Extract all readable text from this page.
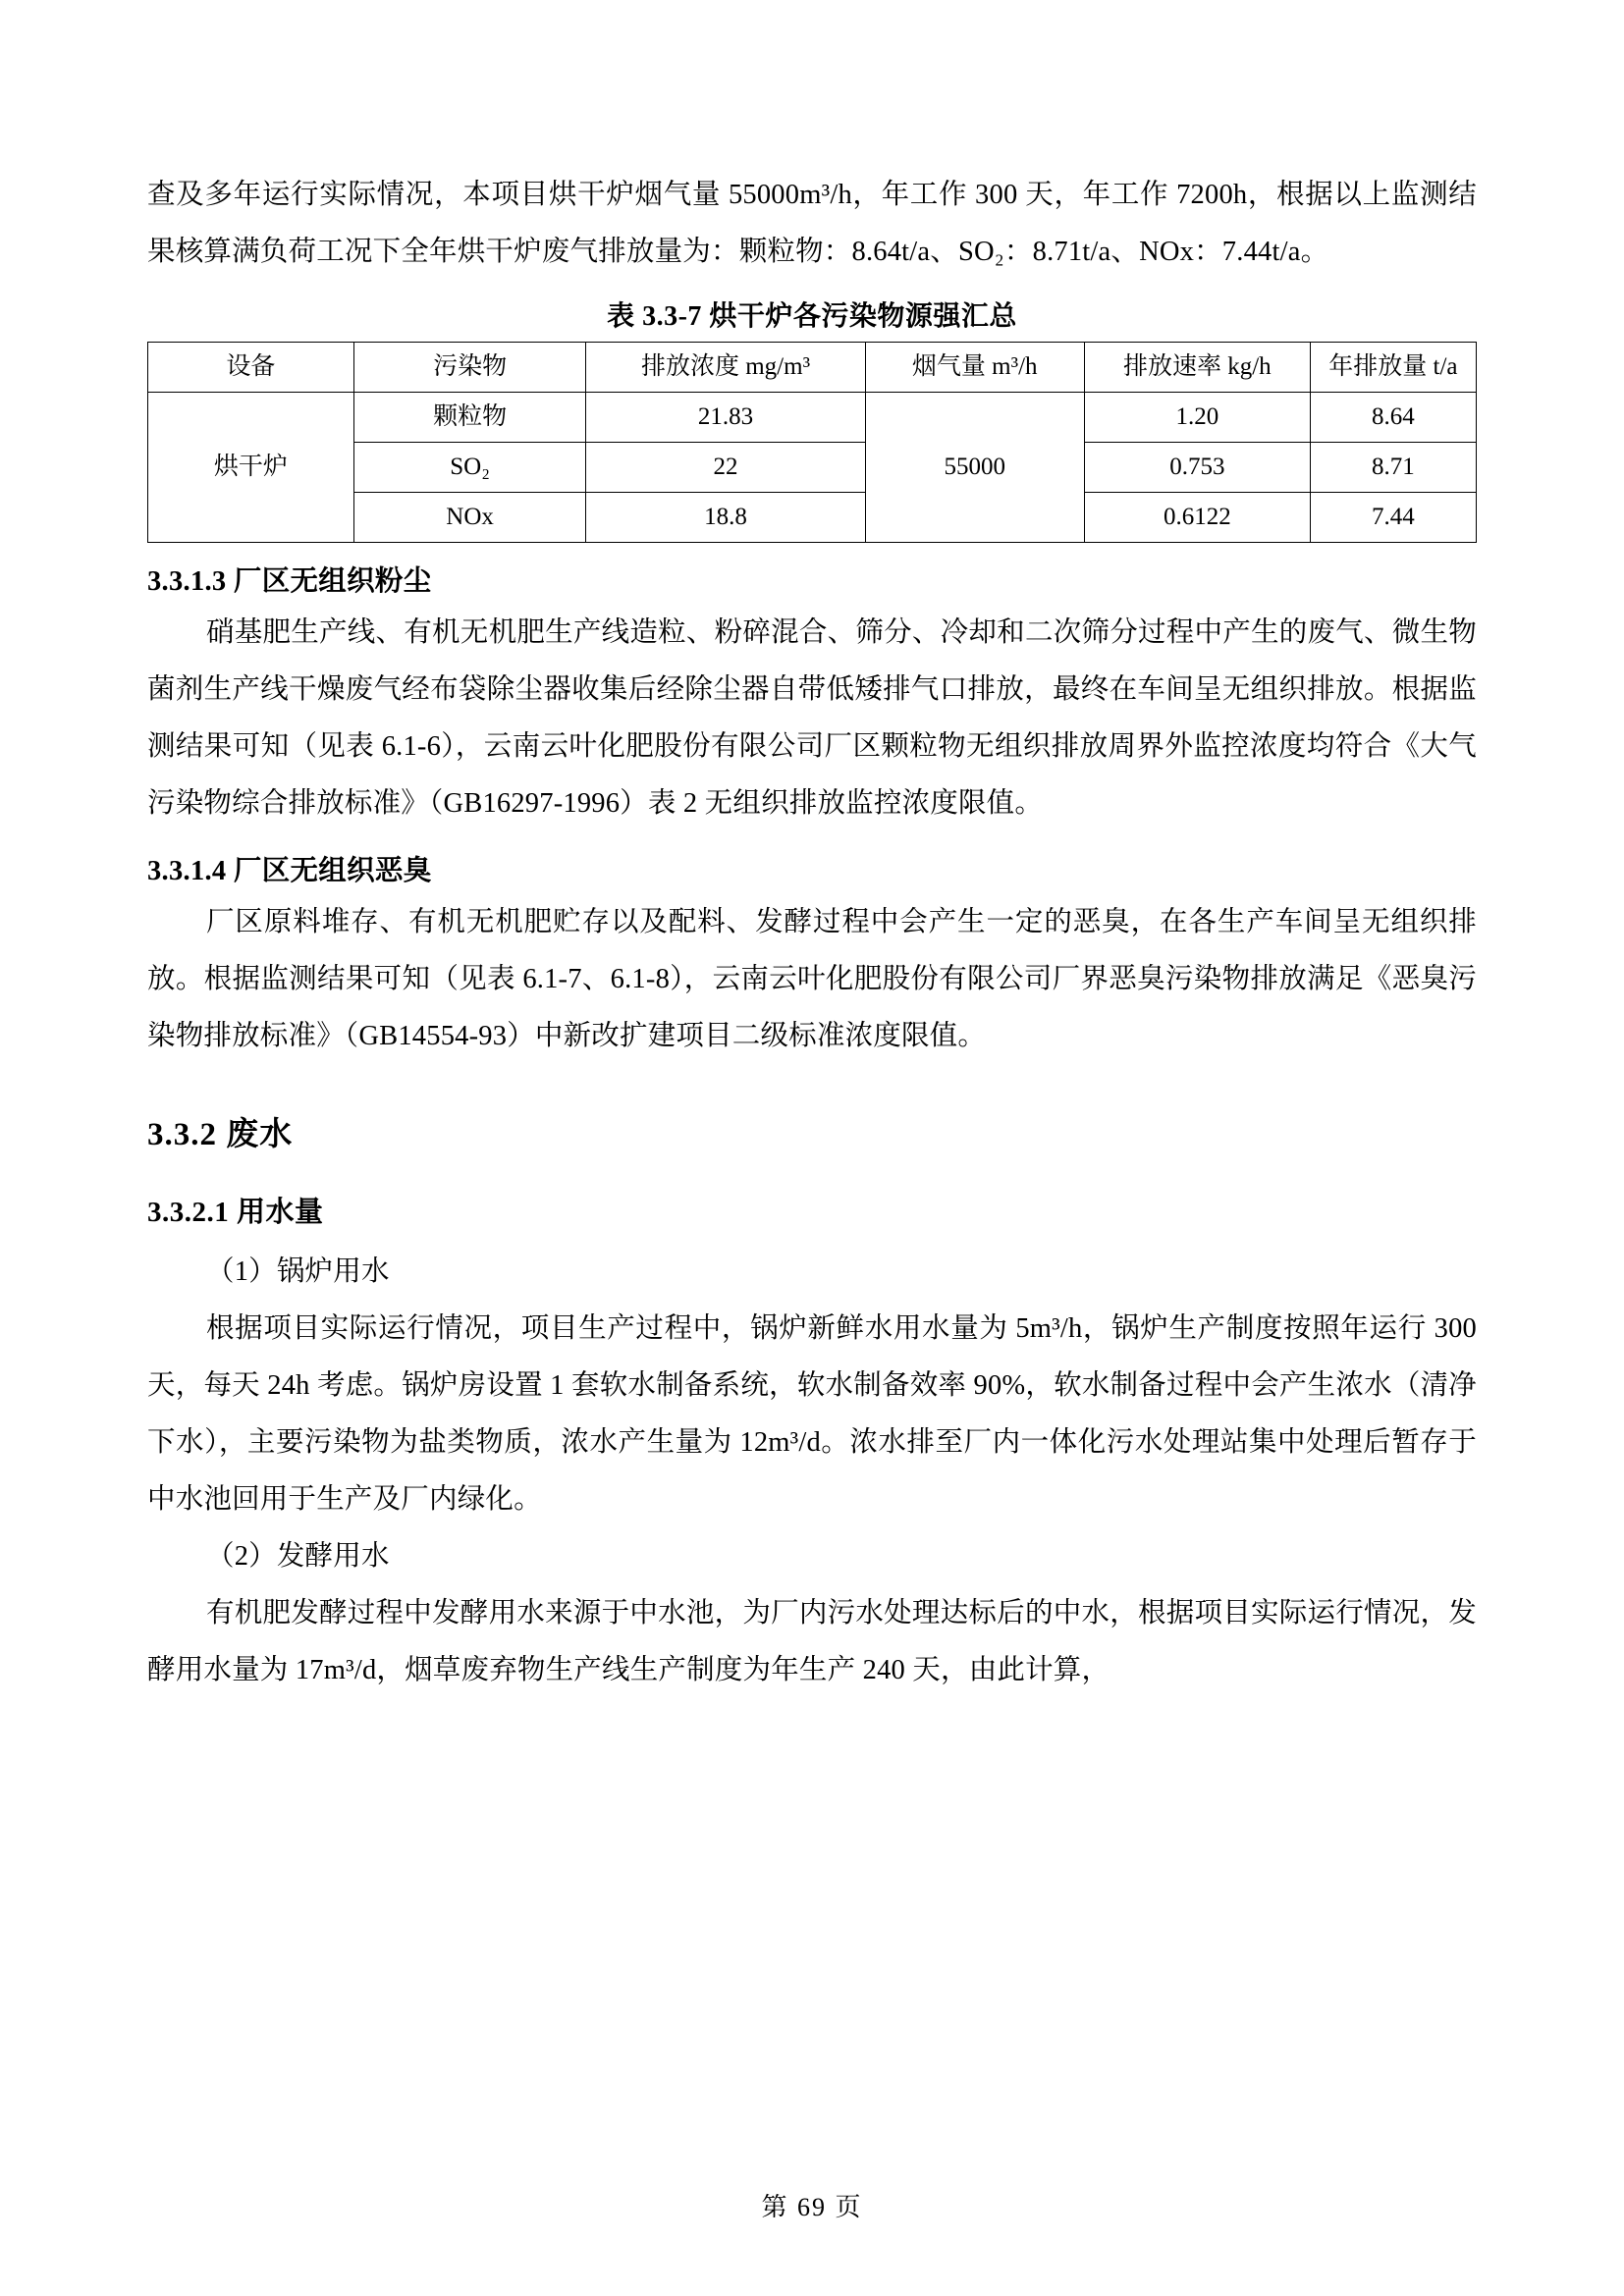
查及多年运行实际情况，本项目烘干炉烟气量 55000m³/h，年工作 300 天，年工作 7200h，根据以上监测结果核算满负荷工况下全年烘干炉废气排放量为：颗粒物：8.64t/a、SO₂：8.71t/a、NOx：7.44t/a。

表 3.3-7 烘干炉各污染物源强汇总
设备	污染物	排放浓度 mg/m³	烟气量 m³/h	排放速率 kg/h	年排放量 t/a
烘干炉	颗粒物	21.83	55000	1.20	8.64
	SO₂	22		0.753	8.71
	NOx	18.8		0.6122	7.44
3.3.1.3 厂区无组织粉尘

硝基肥生产线、有机无机肥生产线造粒、粉碎混合、筛分、冷却和二次筛分过程中产生的废气、微生物菌剂生产线干燥废气经布袋除尘器收集后经除尘器自带低矮排气口排放，最终在车间呈无组织排放。根据监测结果可知（见表 6.1-6），云南云叶化肥股份有限公司厂区颗粒物无组织排放周界外监控浓度均符合《大气污染物综合排放标准》（GB16297-1996）表 2 无组织排放监控浓度限值。

3.3.1.4 厂区无组织恶臭

厂区原料堆存、有机无机肥贮存以及配料、发酵过程中会产生一定的恶臭，在各生产车间呈无组织排放。根据监测结果可知（见表 6.1-7、6.1-8），云南云叶化肥股份有限公司厂界恶臭污染物排放满足《恶臭污染物排放标准》（GB14554-93）中新改扩建项目二级标准浓度限值。

3.3.2 废水
3.3.2.1 用水量

（1）锅炉用水

根据项目实际运行情况，项目生产过程中，锅炉新鲜水用水量为 5m³/h，锅炉生产制度按照年运行 300 天，每天 24h 考虑。锅炉房设置 1 套软水制备系统，软水制备效率 90%，软水制备过程中会产生浓水（清净下水），主要污染物为盐类物质，浓水产生量为 12m³/d。浓水排至厂内一体化污水处理站集中处理后暂存于中水池回用于生产及厂内绿化。

（2）发酵用水

有机肥发酵过程中发酵用水来源于中水池，为厂内污水处理达标后的中水，根据项目实际运行情况，发酵用水量为 17m³/d，烟草废弃物生产线生产制度为年生产 240 天，由此计算，

第 69 页
